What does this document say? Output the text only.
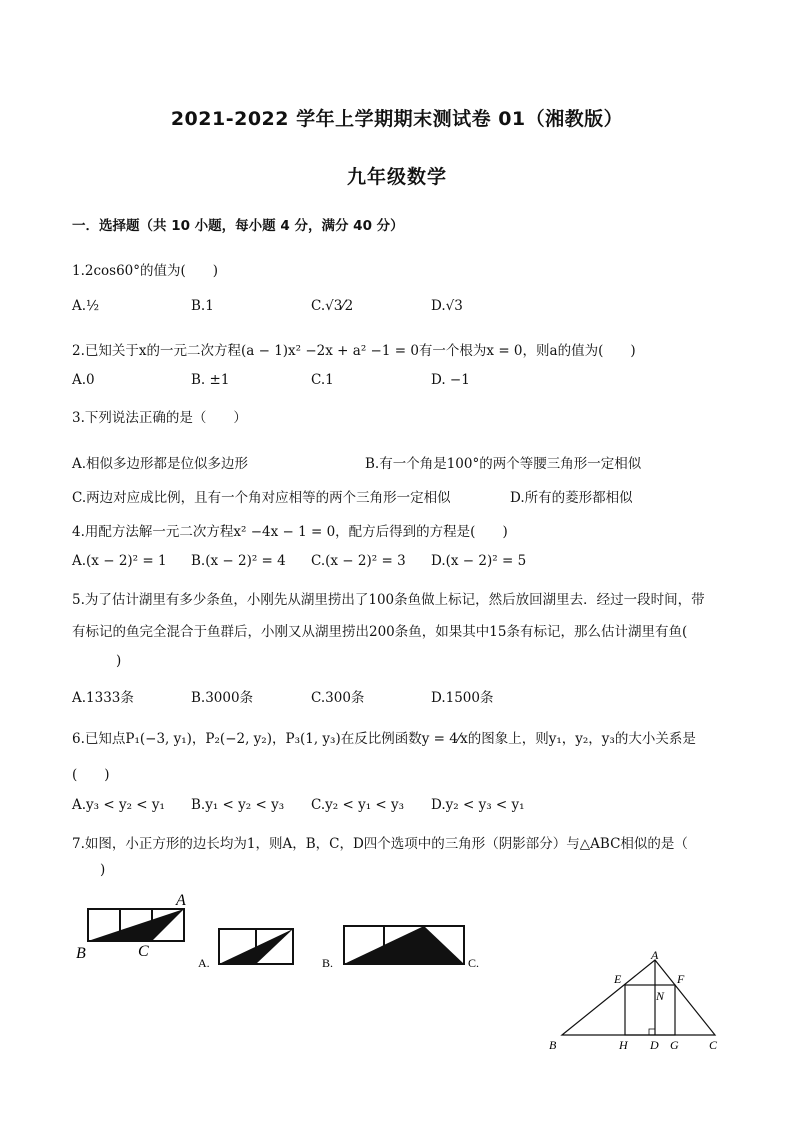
2021-2022 学年上学期期末测试卷 01（湘教版）
九年级数学
一．选择题（共 10 小题，每小题 4 分，满分 40 分）
1.2cos60°的值为(　　)
A.½	B.1	C.√3⁄2	D.√3
2.已知关于x的一元二次方程(a − 1)x² −2x + a² −1 = 0有一个根为x = 0，则a的值为(　　)
A.0	B. ±1	C.1	D. −1
3.下列说法正确的是（　　）
A.相似多边形都是位似多边形	B.有一个角是100°的两个等腰三角形一定相似
C.两边对应成比例，且有一个角对应相等的两个三角形一定相似	D.所有的菱形都相似
4.用配方法解一元二次方程x² −4x − 1 = 0，配方后得到的方程是(　　)
A.(x − 2)² = 1 B.(x − 2)² = 4 C.(x − 2)² = 3 D.(x − 2)² = 5
5.为了估计湖里有多少条鱼，小刚先从湖里捞出了100条鱼做上标记，然后放回湖里去．经过一段时间，带
有标记的鱼完全混合于鱼群后，小刚又从湖里捞出200条鱼，如果其中15条有标记，那么估计湖里有鱼(
)
A.1333条	B.3000条	C.300条	D.1500条
6.已知点P₁(−3, y₁)，P₂(−2, y₂)，P₃(1, y₃)在反比例函数y = 4⁄x的图象上，则y₁，y₂，y₃的大小关系是
(　　)
A.y₃ < y₂ < y₁ B.y₁ < y₂ < y₃ C.y₂ < y₁ < y₃ D.y₂ < y₃ < y₁
7.如图，小正方形的边长均为1，则A，B，C，D四个选项中的三角形（阴影部分）与△ABC相似的是（
)
A
B	C
A.	B.	C.
A
E	F
N
B	H D G	C
